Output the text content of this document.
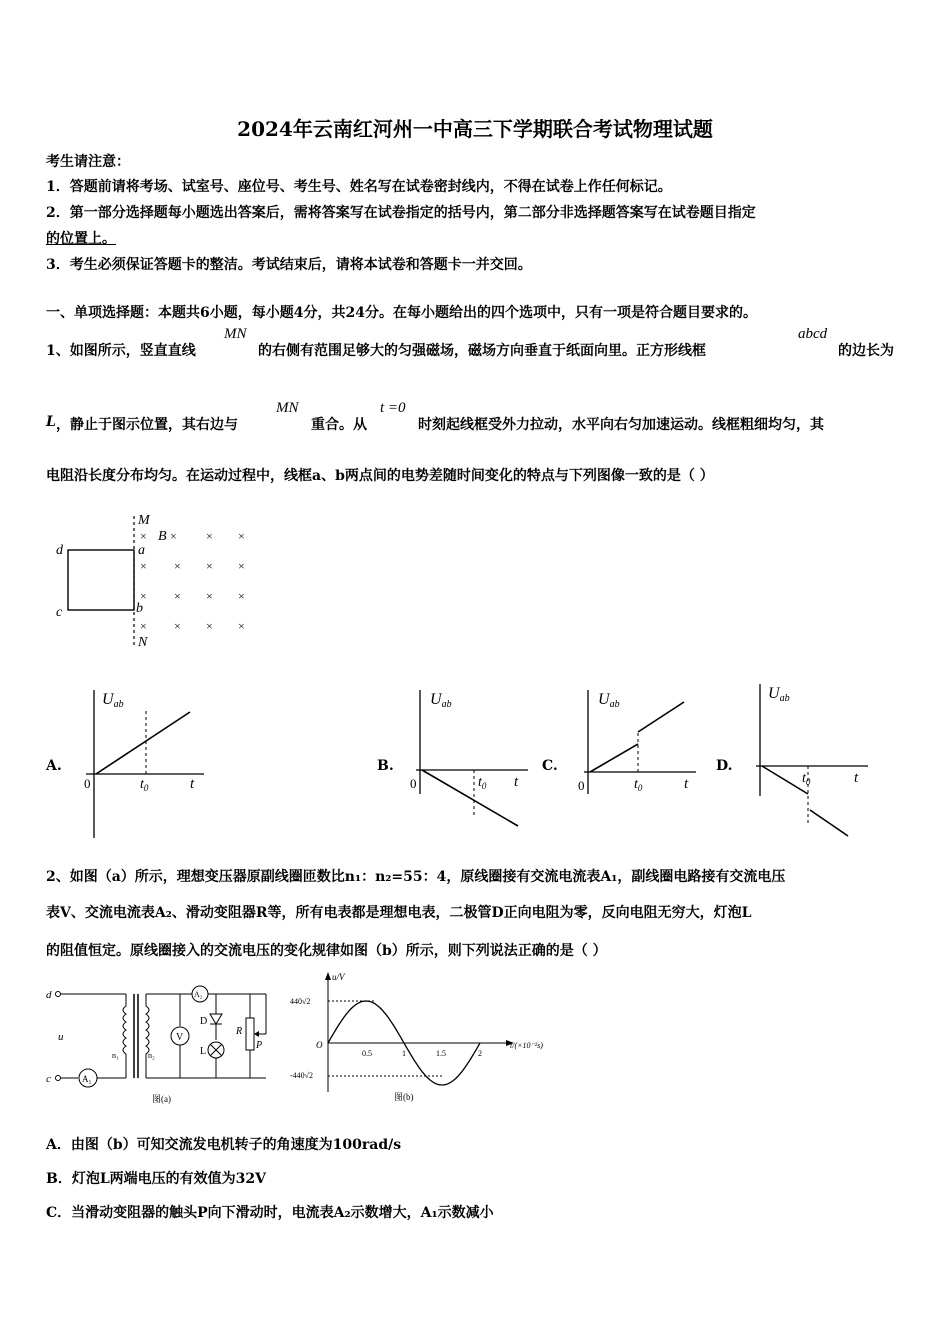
2024年云南红河州一中高三下学期联合考试物理试题
考生请注意：
1．答题前请将考场、试室号、座位号、考生号、姓名写在试卷密封线内，不得在试卷上作任何标记。
2．第一部分选择题每小题选出答案后，需将答案写在试卷指定的括号内，第二部分非选择题答案写在试卷题目指定
的位置上。
3．考生必须保证答题卡的整洁。考试结束后，请将本试卷和答题卡一并交回。
一、单项选择题：本题共6小题，每小题4分，共24分。在每小题给出的四个选项中，只有一项是符合题目要求的。
1、如图所示，竖直直线
MN
的右侧有范围足够大的匀强磁场，磁场方向垂直于纸面向里。正方形线框
abcd
的边长为
L ，静止于图示位置，其右边与
MN
重合。从
t =0
时刻起线框受外力拉动，水平向右匀加速运动。线框粗细均匀，其
电阻沿长度分布均匀。在运动过程中，线框a、b两点间的电势差随时间变化的特点与下列图像一致的是（ ）
M
N
d
c
a
b
B
×	× ×
× × × ×
× × × ×
× × × ×
×
A.	B.	C.	D.
Uab
0	$t_0$	t
Uab
0	$t_0$ t
Uab
0	$t_0$	t
Uab
$t_0$	t
2、如图（a）所示，理想变压器原副线圈匝数比n₁：n₂=55：4，原线圈接有交流电流表A₁，副线圈电路接有交流电压
表V、交流电流表A₂、滑动变阻器R等，所有电表都是理想电表，二极管D正向电阻为零，反向电阻无穷大，灯泡L
的阻值恒定。原线圈接入的交流电压的变化规律如图（b）所示，则下列说法正确的是（ ）
d
c	A₁
u
n₁	n₂
A₂
V
D
L
R
P
图(a)
u/V
440√2
-440√2
O
0.5	1	1.5	2
t/(×10⁻²s)
图(b)
A．由图（b）可知交流发电机转子的角速度为100rad/s
B．灯泡L两端电压的有效值为32V
C．当滑动变阻器的触头P向下滑动时，电流表A₂示数增大，A₁示数减小
